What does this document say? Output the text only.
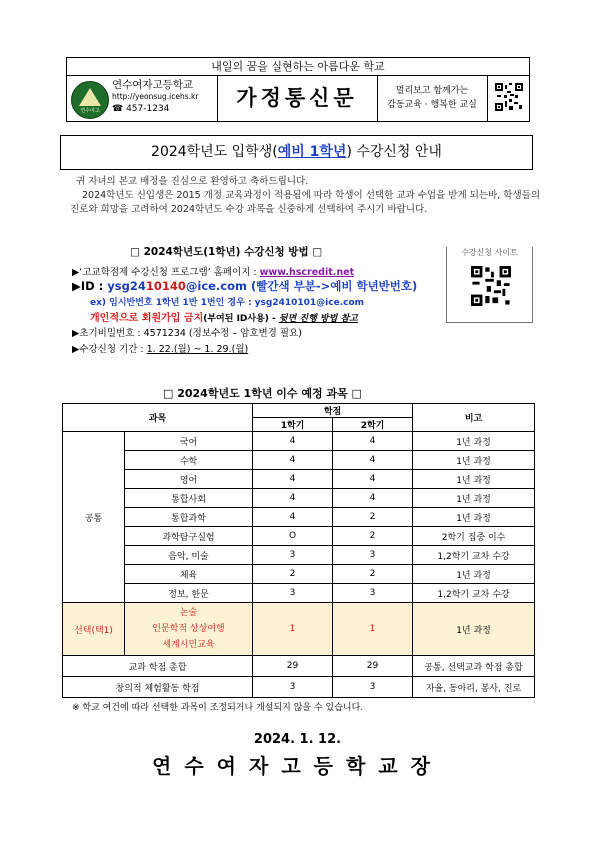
내일의 꿈을 실현하는 아름다운 학교
연수여고
연수여자고등학교
http://yeonsug.icehs.kr
☎ 457-1234	가정통신문	멀리보고 함께가는
감동교육 · 행복한 교실
2024학년도 입학생(예비 1학년) 수강신청 안내
귀 자녀의 본교 배정을 진심으로 환영하고 축하드립니다.
2024학년도 신입생은 2015 개정 교육과정이 적용됨에 따라 학생이 선택한 교과 수업을 받게 되는바, 학생들의 진로와 희망을 고려하여 2024학년도 수강 과목을 신중하게 선택하여 주시기 바랍니다.
□ 2024학년도(1학년) 수강신청 방법 □	수강신청 사이트
▶‘고교학점제 수강신청 프로그램’ 홈페이지 : www.hscredit.net
▶ID : ysg2410140@ice.com (빨간색 부분->예비 학년반번호)
ex) 임시반번호 1학년 1반 1번인 경우 : ysg2410101@ice.com
개인적으로 회원가입 금지(부여된 ID사용) - 뒷면 진행 방법 참고
▶초기비밀번호 : 4571234 (정보수정 – 암호변경 필요)
▶수강신청 기간 : 1. 22.(월) ~ 1. 29.(월)
□ 2024학년도 1학년 이수 예정 과목 □
과목		학점		비고
		1학기	2학기	
공통	국어	4	4	1년 과정
	수학	4	4	1년 과정
	영어	4	4	1년 과정
	통합사회	4	4	1년 과정
	통합과학	4	2	1년 과정
	과학탐구실험	O	2	2학기 집중 이수
	음악, 미술	3	3	1,2학기 교차 수강
	체육	2	2	1년 과정
	정보, 한문	3	3	1,2학기 교차 수강
선택(택1)	논술
인문학적 상상여행
세계시민교육	1	1	1년 과정
교과 학점 총합		29	29	공통, 선택교과 학점 총합
창의적 체험활동 학점		3	3	자율, 동아리, 봉사, 진로
※ 학교 여건에 따라 선택한 과목이 조정되거나 개설되지 않을 수 있습니다.
2024. 1. 12.
연수여자고등학교장
